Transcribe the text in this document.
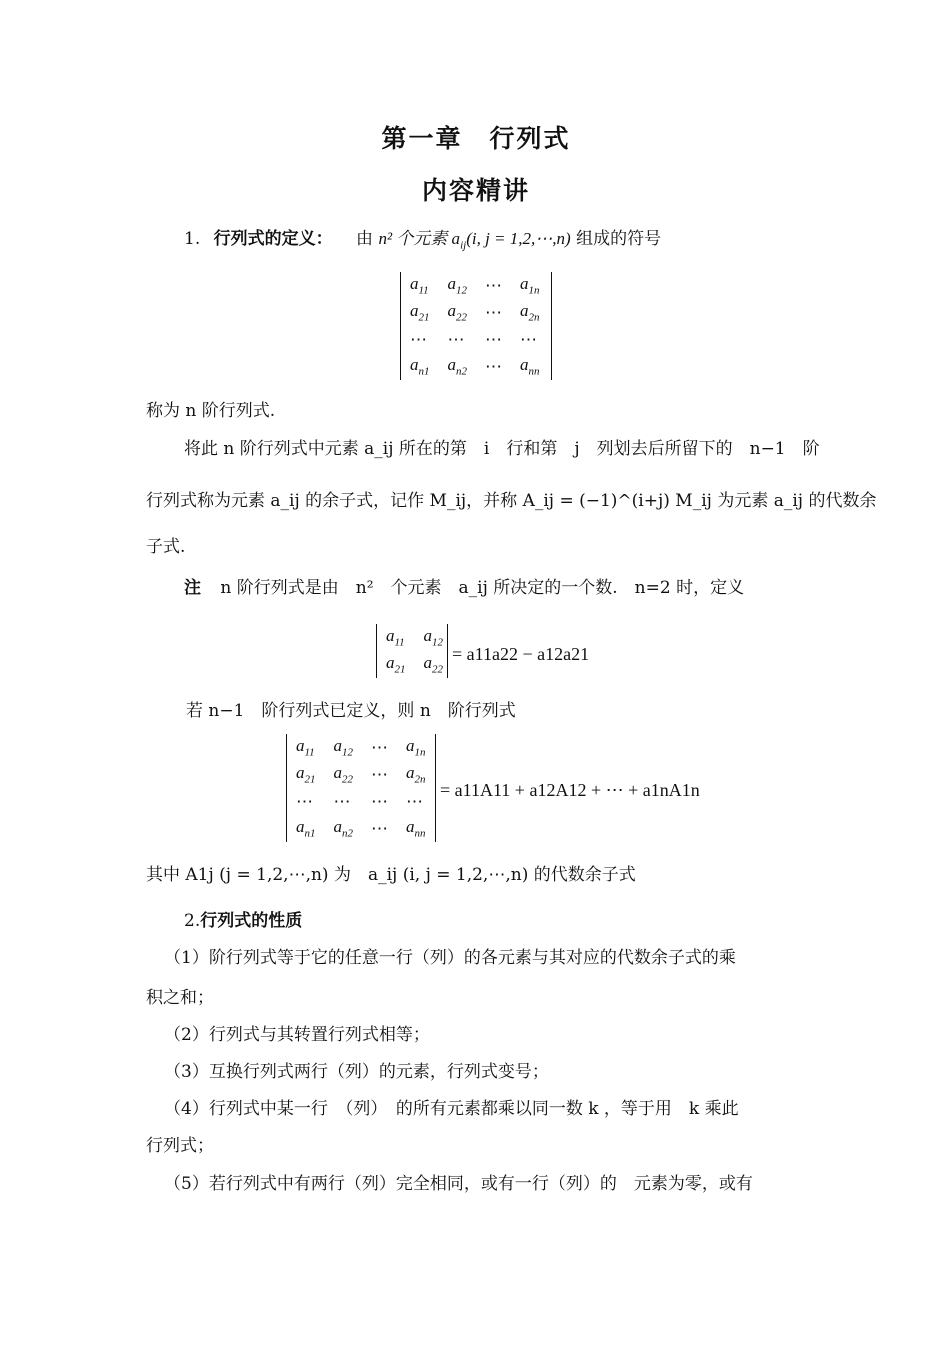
第一章　行列式
内容精讲
1. 行列式的定义： 由 n² 个元素 $a_{ij}(i$, j = 1,2,⋯,n) 组成的符号
$a_{11}$	$a_{12}$	⋯	$a_{1n}$
$a_{21}$	$a_{22}$	⋯	$a_{2n}$
⋯	⋯	⋯	⋯
$a_{n1}$	$a_{n2}$	⋯	$a_{nn}$
称为 n 阶行列式.
将此 n 阶行列式中元素 a_ij 所在的第　i　行和第　j　列划去后所留下的　n−1　阶
行列式称为元素 a_ij 的余子式，记作 M_ij，并称 A_ij = (−1)^(i+j) M_ij 为元素 a_ij 的代数余
子式.
注 n 阶行列式是由　n²　个元素　a_ij 所决定的一个数.　n=2 时，定义
$a_{11}$	$a_{12}$
$a_{21}$	$a_{22}$
= a11a22 − a12a21
若 n−1　阶行列式已定义，则 n　阶行列式
$a_{11}$	$a_{12}$	⋯	$a_{1n}$
$a_{21}$	$a_{22}$	⋯	$a_{2n}$
⋯	⋯	⋯	⋯
$a_{n1}$	$a_{n2}$	⋯	$a_{nn}$
= a11A11 + a12A12 + ⋯ + a1nA1n
其中 A1j (j = 1,2,⋯,n) 为　a_ij (i, j = 1,2,⋯,n) 的代数余子式
2.行列式的性质
（1）阶行列式等于它的任意一行（列）的各元素与其对应的代数余子式的乘
积之和；
（2）行列式与其转置行列式相等；
（3）互换行列式两行（列）的元素，行列式变号；
（4）行列式中某一行　（列）　的所有元素都乘以同一数 k ，等于用　k 乘此
行列式；
（5）若行列式中有两行（列）完全相同，或有一行（列）的　元素为零，或有
